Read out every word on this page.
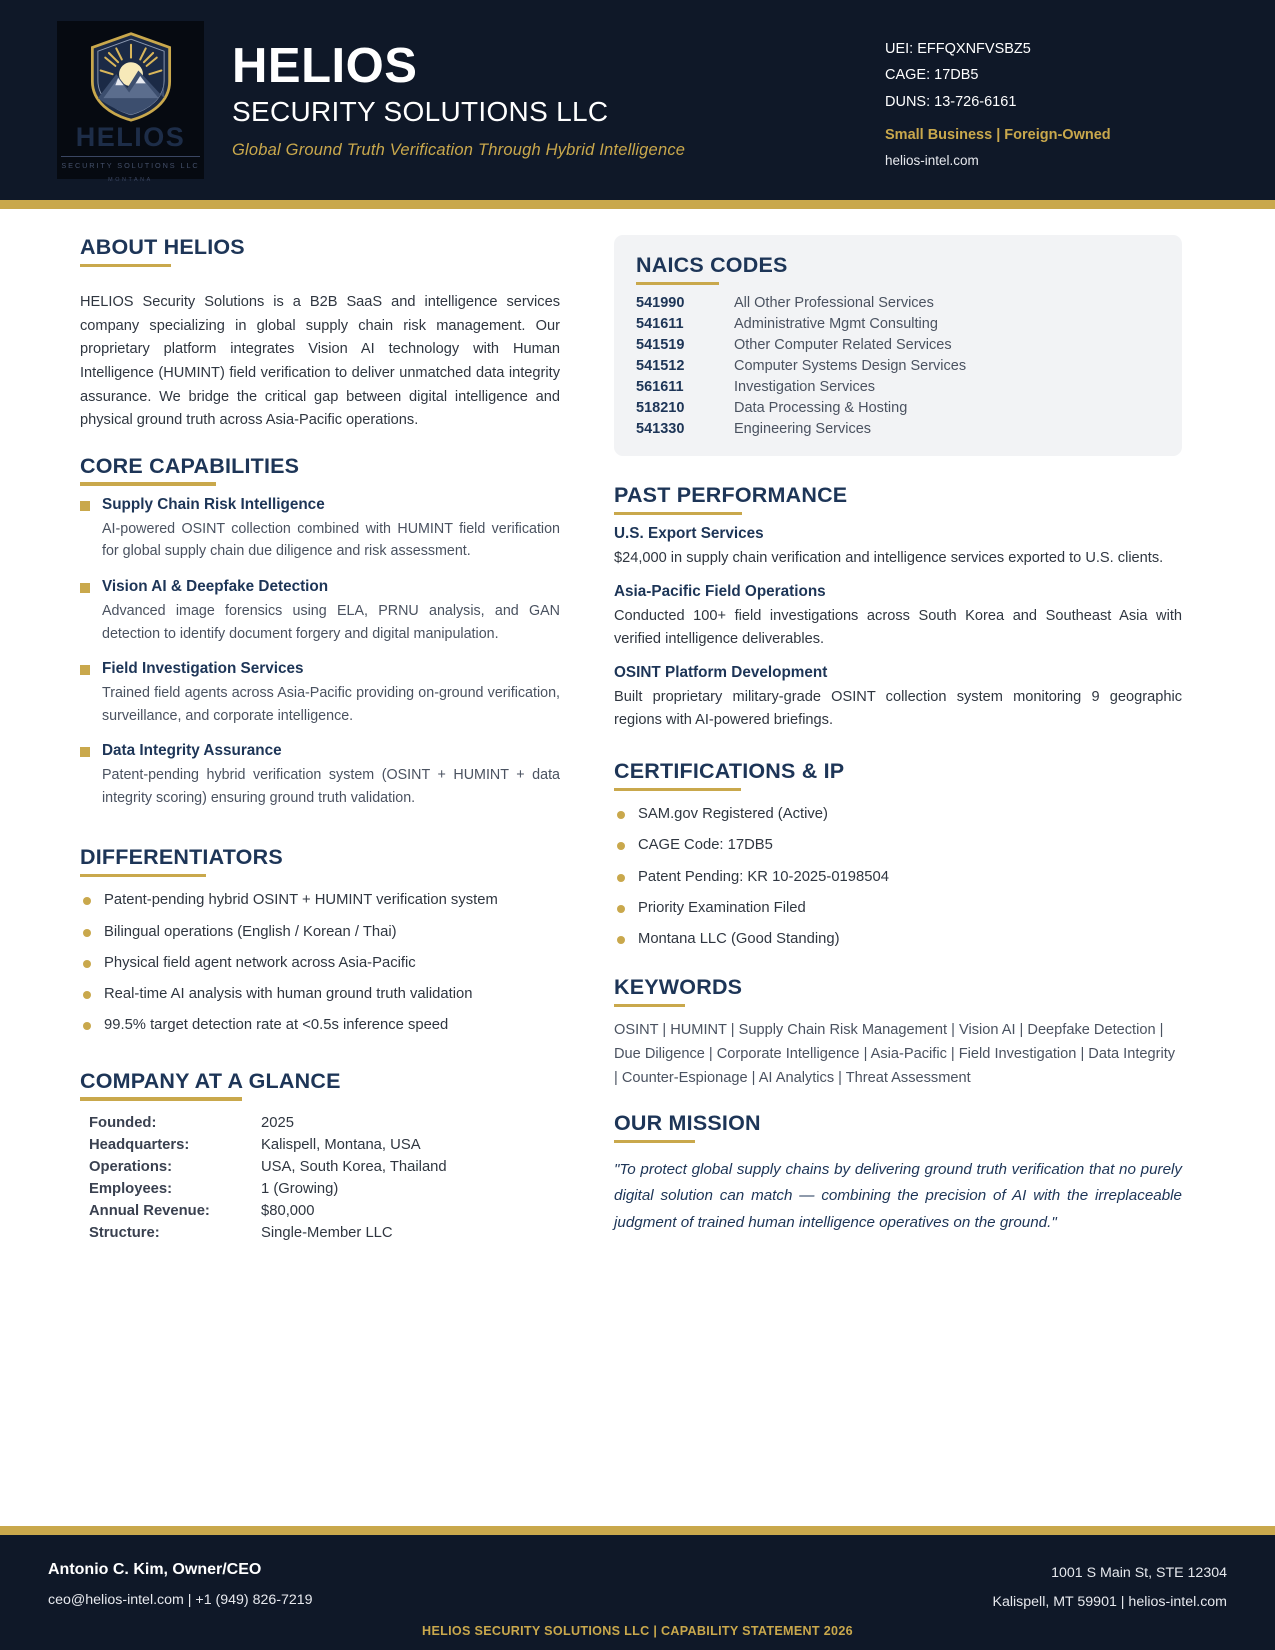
HELIOS
SECURITY SOLUTIONS LLC
MONTANA
HELIOS
SECURITY SOLUTIONS LLC
Global Ground Truth Verification Through Hybrid Intelligence
UEI: EFFQXNFVSBZ5
CAGE: 17DB5
DUNS: 13-726-6161
Small Business | Foreign-Owned
helios-intel.com
ABOUT HELIOS
HELIOS Security Solutions is a B2B SaaS and intelligence services company specializing in global supply chain risk management. Our proprietary platform integrates Vision AI technology with Human Intelligence (HUMINT) field verification to deliver unmatched data integrity assurance. We bridge the critical gap between digital intelligence and physical ground truth across Asia-Pacific operations.
CORE CAPABILITIES
Supply Chain Risk Intelligence
AI-powered OSINT collection combined with HUMINT field verification for global supply chain due diligence and risk assessment.
Vision AI & Deepfake Detection
Advanced image forensics using ELA, PRNU analysis, and GAN detection to identify document forgery and digital manipulation.
Field Investigation Services
Trained field agents across Asia-Pacific providing on-ground verification, surveillance, and corporate intelligence.
Data Integrity Assurance
Patent-pending hybrid verification system (OSINT + HUMINT + data integrity scoring) ensuring ground truth validation.
DIFFERENTIATORS
Patent-pending hybrid OSINT + HUMINT verification system
Bilingual operations (English / Korean / Thai)
Physical field agent network across Asia-Pacific
Real-time AI analysis with human ground truth validation
99.5% target detection rate at <0.5s inference speed
COMPANY AT A GLANCE
Founded:	2025
Headquarters:	Kalispell, Montana, USA
Operations:	USA, South Korea, Thailand
Employees:	1 (Growing)
Annual Revenue:	$80,000
Structure:	Single-Member LLC
NAICS CODES
541990	All Other Professional Services
541611	Administrative Mgmt Consulting
541519	Other Computer Related Services
541512	Computer Systems Design Services
561611	Investigation Services
518210	Data Processing & Hosting
541330	Engineering Services
PAST PERFORMANCE
U.S. Export Services
$24,000 in supply chain verification and intelligence services exported to U.S. clients.
Asia-Pacific Field Operations
Conducted 100+ field investigations across South Korea and Southeast Asia with verified intelligence deliverables.
OSINT Platform Development
Built proprietary military-grade OSINT collection system monitoring 9 geographic regions with AI-powered briefings.
CERTIFICATIONS & IP
SAM.gov Registered (Active)
CAGE Code: 17DB5
Patent Pending: KR 10-2025-0198504
Priority Examination Filed
Montana LLC (Good Standing)
KEYWORDS
OSINT | HUMINT | Supply Chain Risk Management | Vision AI | Deepfake Detection | Due Diligence | Corporate Intelligence | Asia-Pacific | Field Investigation | Data Integrity | Counter-Espionage | AI Analytics | Threat Assessment
OUR MISSION
"To protect global supply chains by delivering ground truth verification that no purely digital solution can match — combining the precision of AI with the irreplaceable judgment of trained human intelligence operatives on the ground."
Antonio C. Kim, Owner/CEO
ceo@helios-intel.com | +1 (949) 826-7219
1001 S Main St, STE 12304
Kalispell, MT 59901 | helios-intel.com
HELIOS SECURITY SOLUTIONS LLC | CAPABILITY STATEMENT 2026
